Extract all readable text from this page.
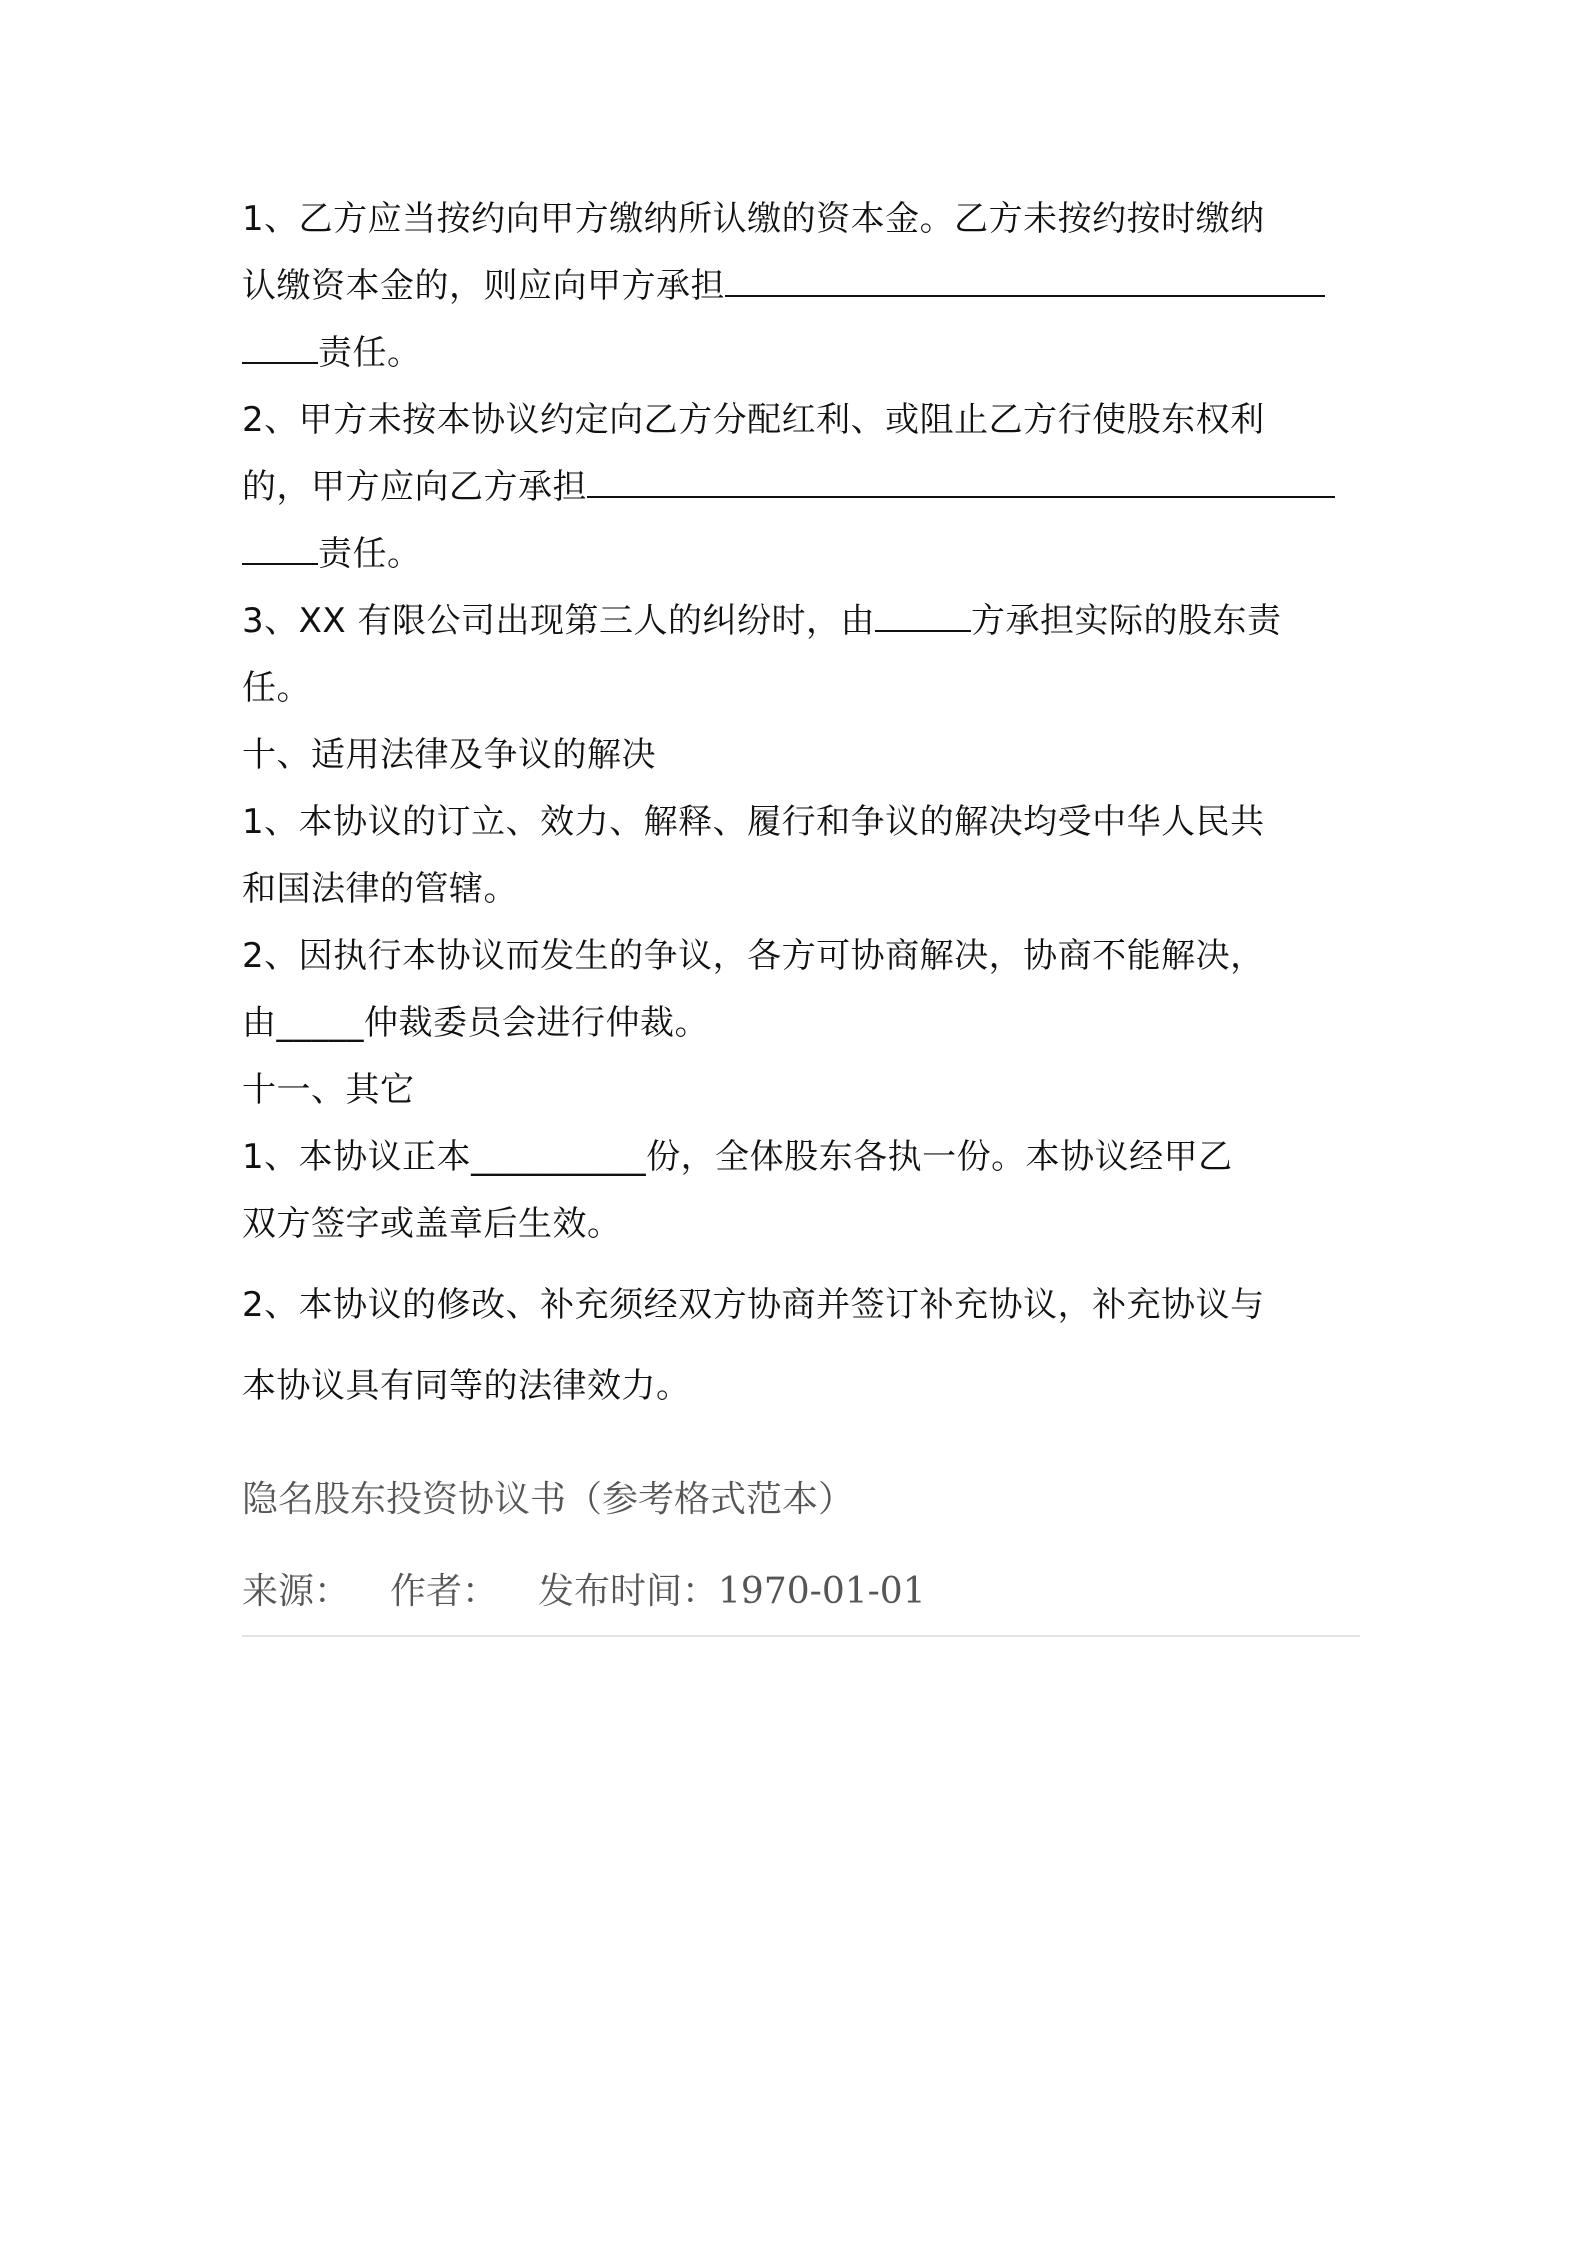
1、乙方应当按约向甲方缴纳所认缴的资本金。乙方未按约按时缴纳

认缴资本金的，则应向甲方承担

责任。

2、甲方未按本协议约定向乙方分配红利、或阻止乙方行使股东权利

的，甲方应向乙方承担

责任。

3、XX 有限公司出现第三人的纠纷时，由	方承担实际的股东责

任。

十、适用法律及争议的解决

1、本协议的订立、效力、解释、履行和争议的解决均受中华人民共

和国法律的管辖。

2、因执行本协议而发生的争议，各方可协商解决，协商不能解决，

由_____仲裁委员会进行仲裁。

十一、其它

1、本协议正本__________份，全体股东各执一份。本协议经甲乙

双方签字或盖章后生效。

2、本协议的修改、补充须经双方协商并签订补充协议，补充协议与

本协议具有同等的法律效力。

隐名股东投资协议书（参考格式范本）

来源： 作者： 发布时间：1970-01-01
